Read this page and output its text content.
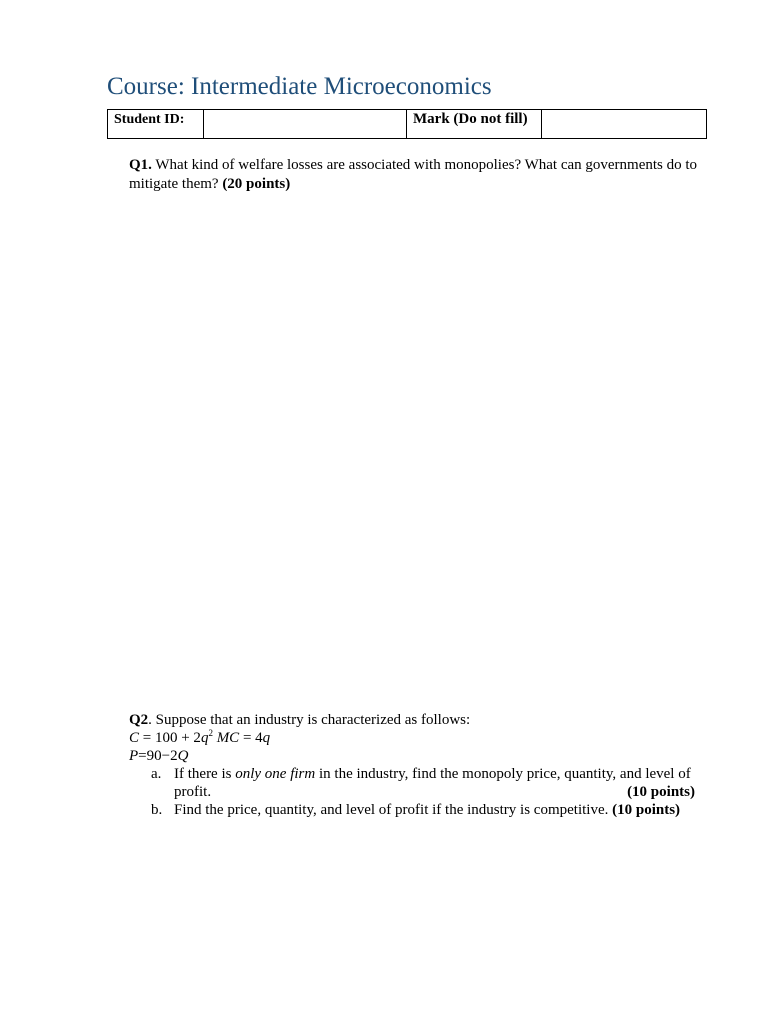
Course: Intermediate Microeconomics
Student ID:		Mark (Do not fill)	
Q1. What kind of welfare losses are associated with monopolies? What can governments do to mitigate them? (20 points)
Q2. Suppose that an industry is characterized as follows:
$C = 100 + 2q^2$ MC = 4q
P=90−2Q
a. If there is only one firm in the industry, find the monopoly price, quantity, and level of profit.	(10 points)
b. Find the price, quantity, and level of profit if the industry is competitive. (10 points)
